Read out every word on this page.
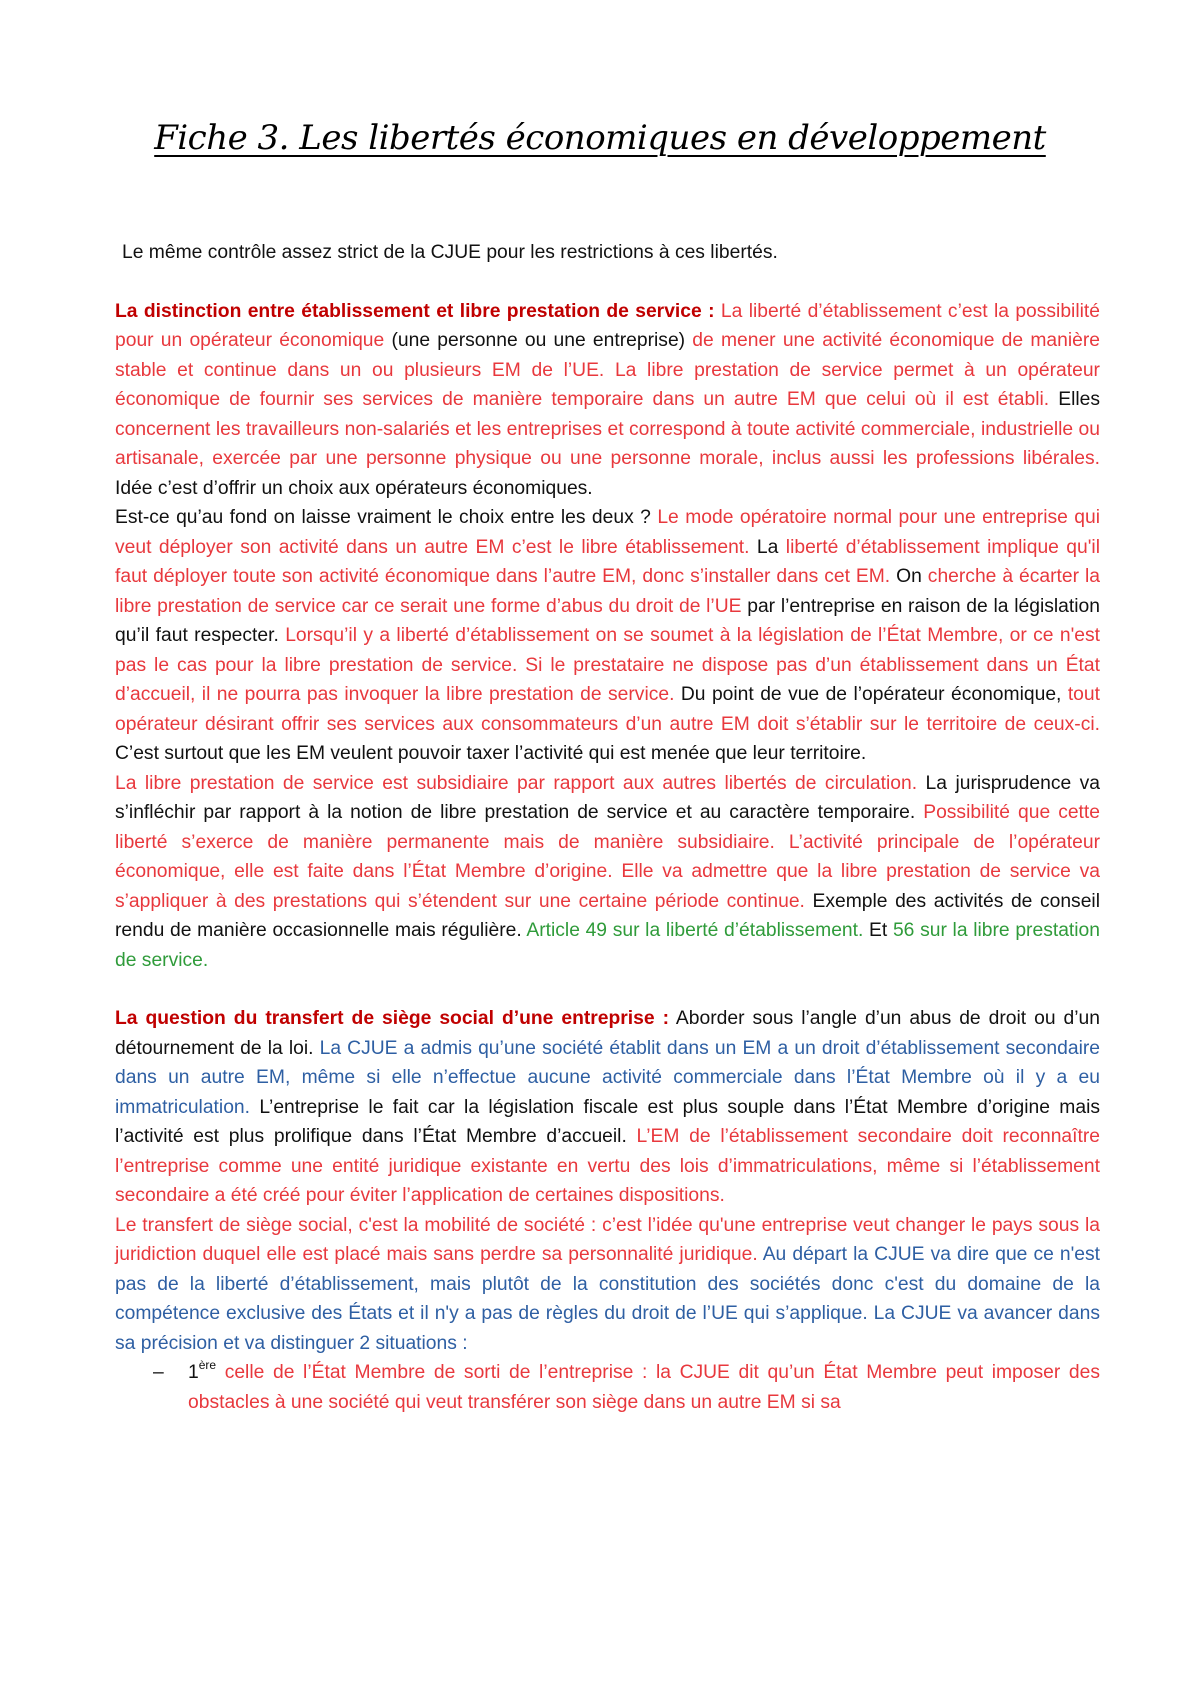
Fiche 3. Les libertés économiques en développement

Le même contrôle assez strict de la CJUE pour les restrictions à ces libertés.

La distinction entre établissement et libre prestation de service : La liberté d’établissement c’est la possibilité pour un opérateur économique (une personne ou une entreprise) de mener une activité économique de manière stable et continue dans un ou plusieurs EM de l’UE. La libre prestation de service permet à un opérateur économique de fournir ses services de manière temporaire dans un autre EM que celui où il est établi. Elles concernent les travailleurs non-salariés et les entreprises et correspond à toute activité commerciale, industrielle ou artisanale, exercée par une personne physique ou une personne morale, inclus aussi les professions libérales. Idée c’est d’offrir un choix aux opérateurs économiques.

Est-ce qu’au fond on laisse vraiment le choix entre les deux ? Le mode opératoire normal pour une entreprise qui veut déployer son activité dans un autre EM c’est le libre établissement. La liberté d’établissement implique qu'il faut déployer toute son activité économique dans l’autre EM, donc s’installer dans cet EM. On cherche à écarter la libre prestation de service car ce serait une forme d’abus du droit de l’UE par l’entreprise en raison de la législation qu’il faut respecter. Lorsqu’il y a liberté d’établissement on se soumet à la législation de l’État Membre, or ce n'est pas le cas pour la libre prestation de service. Si le prestataire ne dispose pas d’un établissement dans un État d’accueil, il ne pourra pas invoquer la libre prestation de service. Du point de vue de l’opérateur économique, tout opérateur désirant offrir ses services aux consommateurs d’un autre EM doit s’établir sur le territoire de ceux-ci. C’est surtout que les EM veulent pouvoir taxer l’activité qui est menée que leur territoire.

La libre prestation de service est subsidiaire par rapport aux autres libertés de circulation. La jurisprudence va s’infléchir par rapport à la notion de libre prestation de service et au caractère temporaire. Possibilité que cette liberté s’exerce de manière permanente mais de manière subsidiaire. L’activité principale de l’opérateur économique, elle est faite dans l’État Membre d’origine. Elle va admettre que la libre prestation de service va s’appliquer à des prestations qui s’étendent sur une certaine période continue. Exemple des activités de conseil rendu de manière occasionnelle mais régulière. Article 49 sur la liberté d’établissement. Et 56 sur la libre prestation de service.

La question du transfert de siège social d’une entreprise : Aborder sous l’angle d’un abus de droit ou d’un détournement de la loi. La CJUE a admis qu’une société établit dans un EM a un droit d’établissement secondaire dans un autre EM, même si elle n’effectue aucune activité commerciale dans l’État Membre où il y a eu immatriculation. L’entreprise le fait car la législation fiscale est plus souple dans l’État Membre d’origine mais l’activité est plus prolifique dans l’État Membre d’accueil. L’EM de l’établissement secondaire doit reconnaître l’entreprise comme une entité juridique existante en vertu des lois d’immatriculations, même si l’établissement secondaire a été créé pour éviter l’application de certaines dispositions.

Le transfert de siège social, c'est la mobilité de société : c’est l’idée qu'une entreprise veut changer le pays sous la juridiction duquel elle est placé mais sans perdre sa personnalité juridique. Au départ la CJUE va dire que ce n'est pas de la liberté d’établissement, mais plutôt de la constitution des sociétés donc c'est du domaine de la compétence exclusive des États et il n'y a pas de règles du droit de l’UE qui s’applique. La CJUE va avancer dans sa précision et va distinguer 2 situations :

– 1ère celle de l’État Membre de sorti de l’entreprise : la CJUE dit qu’un État Membre peut imposer des obstacles à une société qui veut transférer son siège dans un autre EM si sa
